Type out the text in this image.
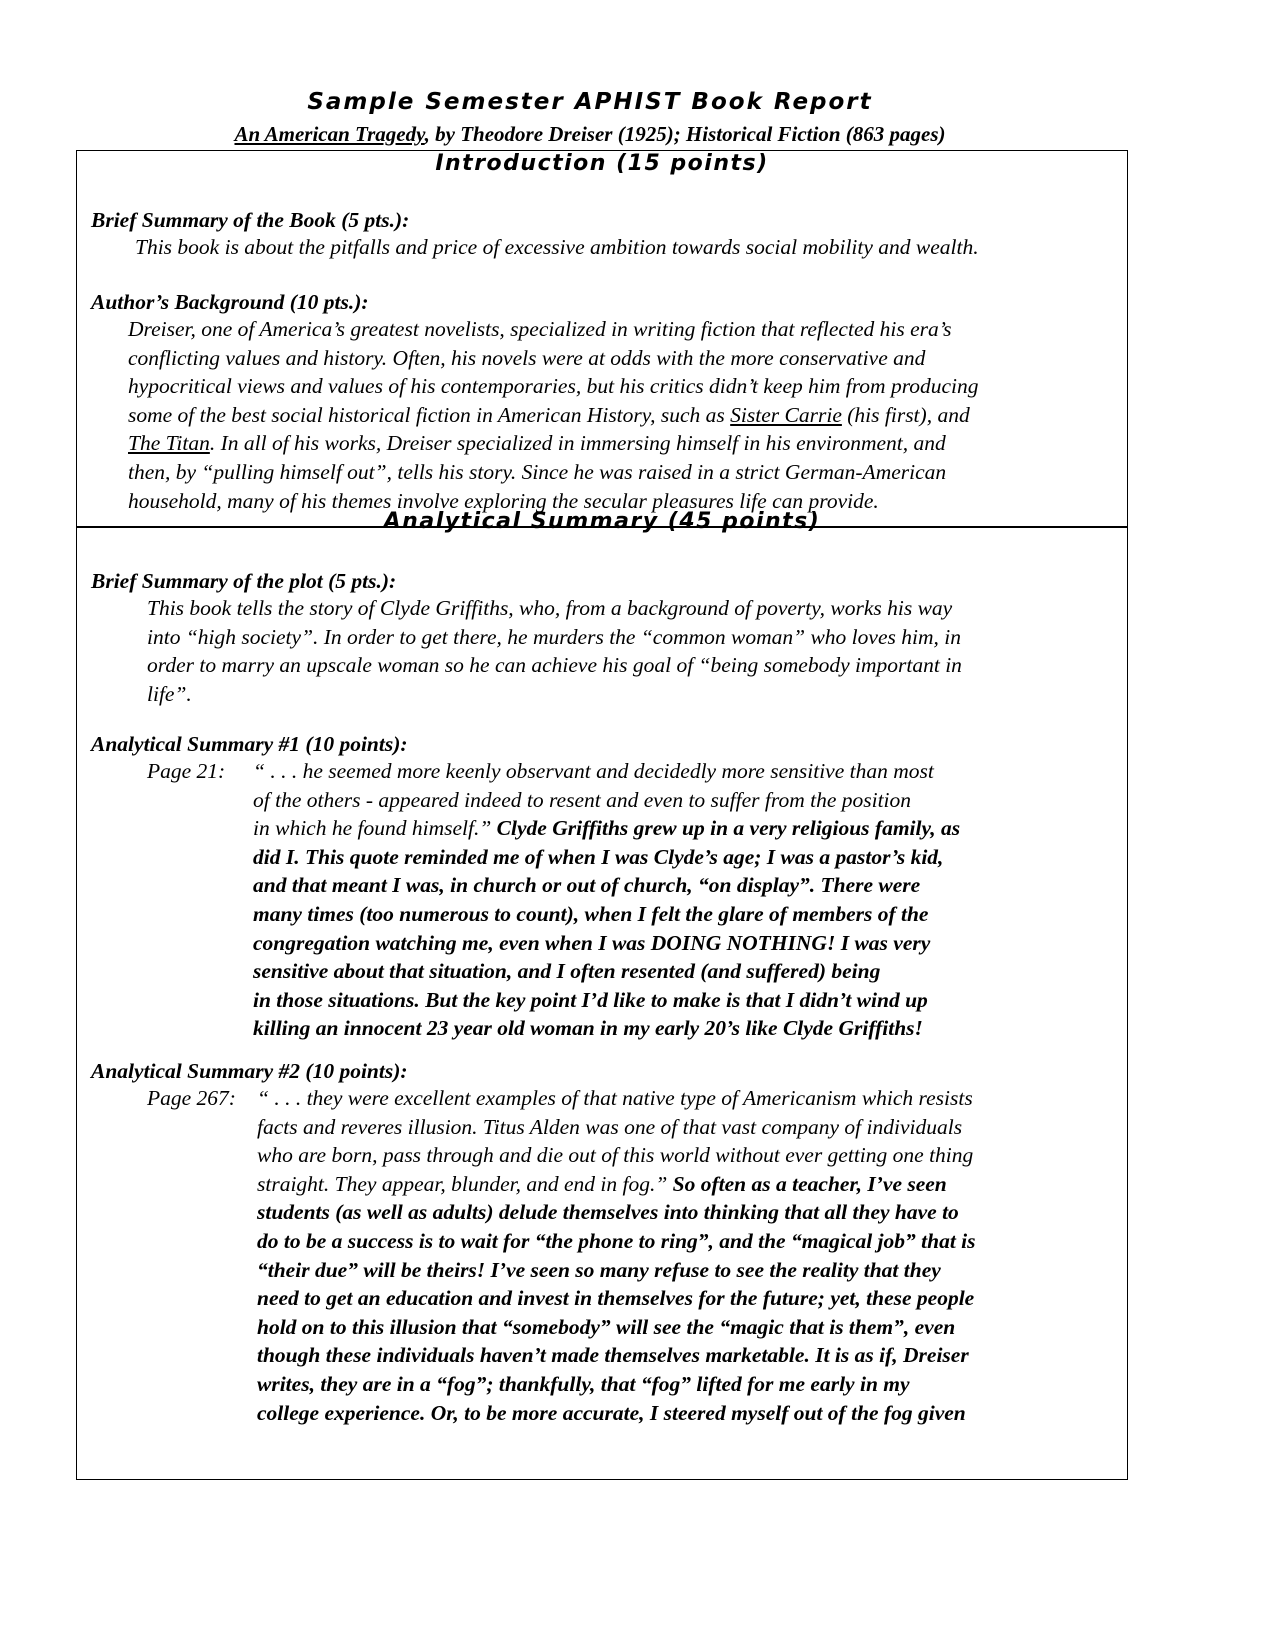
Sample Semester APHIST Book Report

An American Tragedy, by Theodore Dreiser (1925); Historical Fiction (863 pages)

Introduction (15 points)

Brief Summary of the Book (5 pts.):

This book is about the pitfalls and price of excessive ambition towards social mobility and wealth.

Author’s Background (10 pts.):

Dreiser, one of America’s greatest novelists, specialized in writing fiction that reflected his era’s
conflicting values and history. Often, his novels were at odds with the more conservative and
hypocritical views and values of his contemporaries, but his critics didn’t keep him from producing
some of the best social historical fiction in American History, such as Sister Carrie (his first), and
The Titan. In all of his works, Dreiser specialized in immersing himself in his environment, and
then, by “pulling himself out”, tells his story. Since he was raised in a strict German-American
household, many of his themes involve exploring the secular pleasures life can provide.
Analytical Summary (45 points)

Brief Summary of the plot (5 pts.):

This book tells the story of Clyde Griffiths, who, from a background of poverty, works his way
into “high society”. In order to get there, he murders the “common woman” who loves him, in
order to marry an upscale woman so he can achieve his goal of “being somebody important in
life”.

Analytical Summary #1 (10 points):

Page 21: “ . . . he seemed more keenly observant and decidedly more sensitive than most
of the others - appeared indeed to resent and even to suffer from the position
in which he found himself.” Clyde Griffiths grew up in a very religious family, as
did I. This quote reminded me of when I was Clyde’s age; I was a pastor’s kid,
and that meant I was, in church or out of church, “on display”. There were
many times (too numerous to count), when I felt the glare of members of the
congregation watching me, even when I was DOING NOTHING! I was very
sensitive about that situation, and I often resented (and suffered) being
in those situations. But the key point I’d like to make is that I didn’t wind up
killing an innocent 23 year old woman in my early 20’s like Clyde Griffiths!

Analytical Summary #2 (10 points):

Page 267: “ . . . they were excellent examples of that native type of Americanism which resists
facts and reveres illusion. Titus Alden was one of that vast company of individuals
who are born, pass through and die out of this world without ever getting one thing
straight. They appear, blunder, and end in fog.” So often as a teacher, I’ve seen
students (as well as adults) delude themselves into thinking that all they have to
do to be a success is to wait for “the phone to ring”, and the “magical job” that is
“their due” will be theirs! I’ve seen so many refuse to see the reality that they
need to get an education and invest in themselves for the future; yet, these people
hold on to this illusion that “somebody” will see the “magic that is them”, even
though these individuals haven’t made themselves marketable. It is as if, Dreiser
writes, they are in a “fog”; thankfully, that “fog” lifted for me early in my
college experience. Or, to be more accurate, I steered myself out of the fog given
